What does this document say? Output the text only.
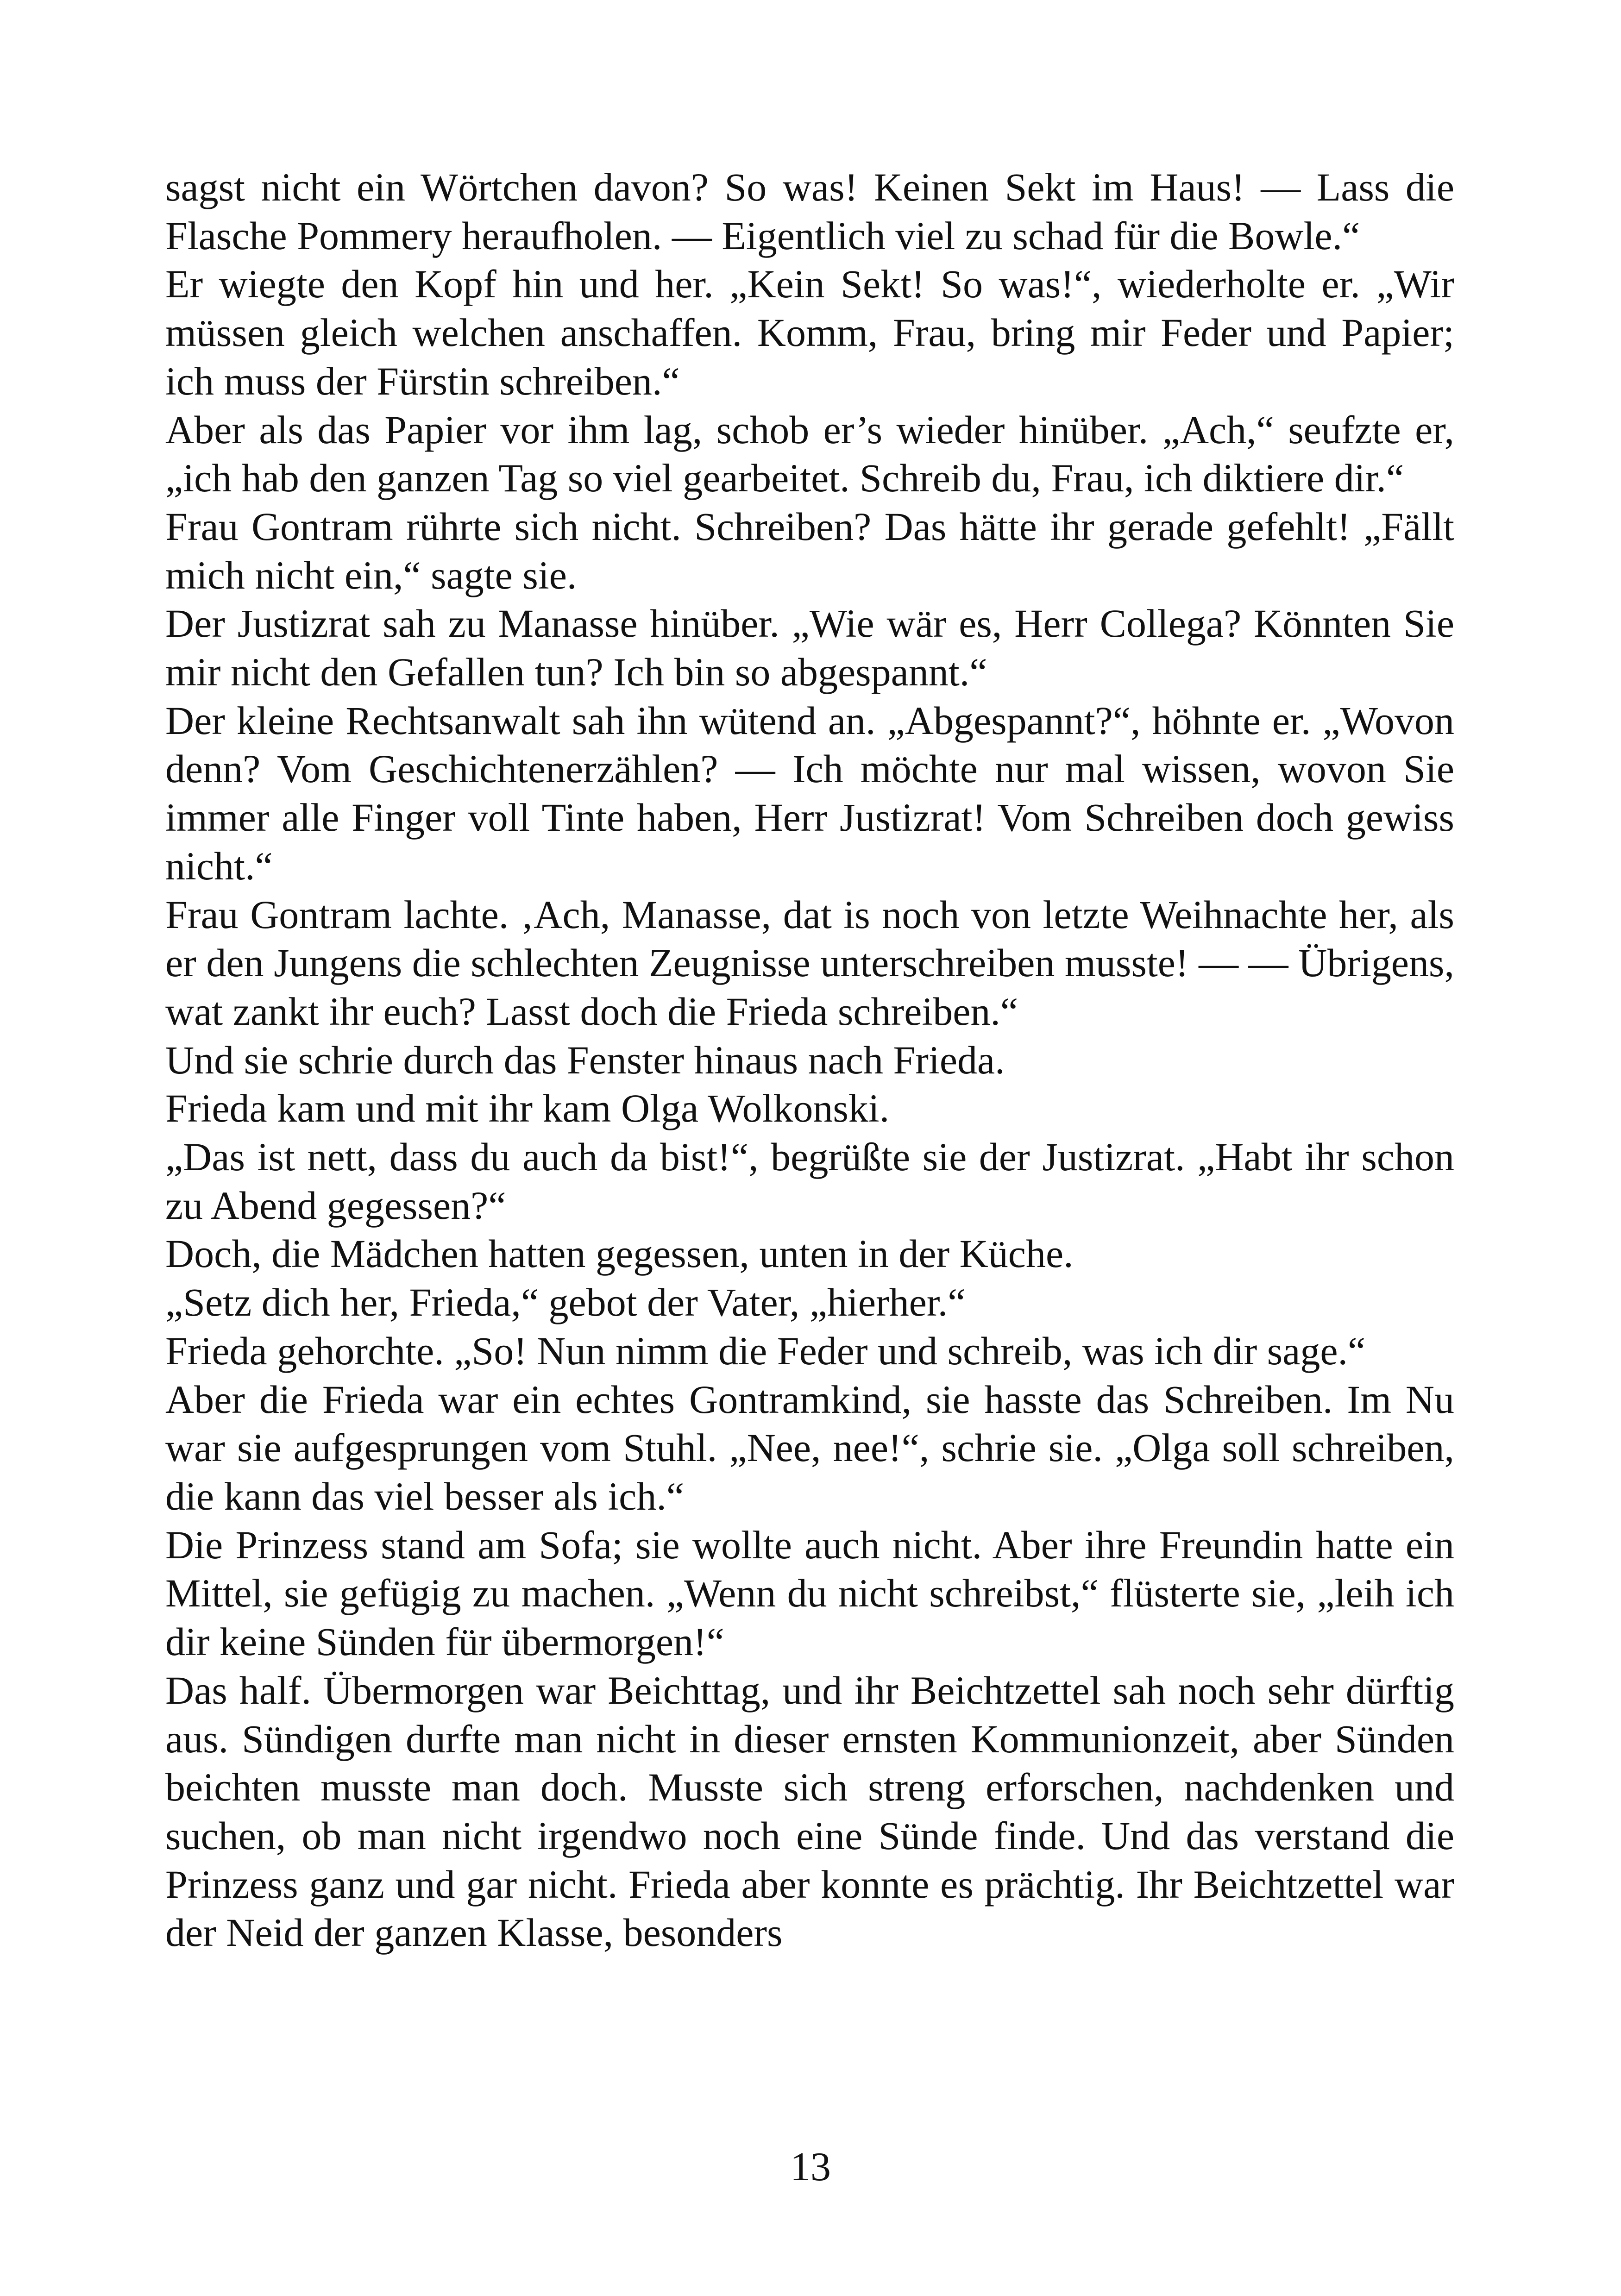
sagst nicht ein Wörtchen davon? So was! Keinen Sekt im Haus! — Lass die Flasche Pommery heraufholen. — Eigentlich viel zu schad für die Bowle.“

Er wiegte den Kopf hin und her. „Kein Sekt! So was!“, wiederholte er. „Wir müssen gleich welchen anschaffen. Komm, Frau, bring mir Feder und Papier; ich muss der Fürstin schreiben.“

Aber als das Papier vor ihm lag, schob er’s wieder hinüber. „Ach,“ seufzte er, „ich hab den ganzen Tag so viel gearbeitet. Schreib du, Frau, ich diktiere dir.“

Frau Gontram rührte sich nicht. Schreiben? Das hätte ihr gerade gefehlt! „Fällt mich nicht ein,“ sagte sie.

Der Justizrat sah zu Manasse hinüber. „Wie wär es, Herr Collega? Könnten Sie mir nicht den Gefallen tun? Ich bin so abgespannt.“

Der kleine Rechtsanwalt sah ihn wütend an. „Abgespannt?“, höhnte er. „Wovon denn? Vom Geschichtenerzählen? — Ich möchte nur mal wissen, wovon Sie immer alle Finger voll Tinte haben, Herr Justizrat! Vom Schreiben doch gewiss nicht.“

Frau Gontram lachte. ‚Ach, Manasse, dat is noch von letzte Weihnachte her, als er den Jungens die schlechten Zeugnisse unterschreiben musste! — — Übrigens, wat zankt ihr euch? Lasst doch die Frieda schreiben.“

Und sie schrie durch das Fenster hinaus nach Frieda.

Frieda kam und mit ihr kam Olga Wolkonski.

„Das ist nett, dass du auch da bist!“, begrüßte sie der Justizrat. „Habt ihr schon zu Abend gegessen?“

Doch, die Mädchen hatten gegessen, unten in der Küche.

„Setz dich her, Frieda,“ gebot der Vater, „hierher.“

Frieda gehorchte. „So! Nun nimm die Feder und schreib, was ich dir sage.“

Aber die Frieda war ein echtes Gontramkind, sie hasste das Schreiben. Im Nu war sie aufgesprungen vom Stuhl. „Nee, nee!“, schrie sie. „Olga soll schreiben, die kann das viel besser als ich.“

Die Prinzess stand am Sofa; sie wollte auch nicht. Aber ihre Freundin hatte ein Mittel, sie gefügig zu machen. „Wenn du nicht schreibst,“ flüsterte sie, „leih ich dir keine Sünden für übermorgen!“

Das half. Übermorgen war Beichttag, und ihr Beichtzettel sah noch sehr dürftig aus. Sündigen durfte man nicht in dieser ernsten Kommunionzeit, aber Sünden beichten musste man doch. Musste sich streng erforschen, nachdenken und suchen, ob man nicht irgendwo noch eine Sünde finde. Und das verstand die Prinzess ganz und gar nicht. Frieda aber konnte es prächtig. Ihr Beichtzettel war der Neid der ganzen Klasse, besonders

13
